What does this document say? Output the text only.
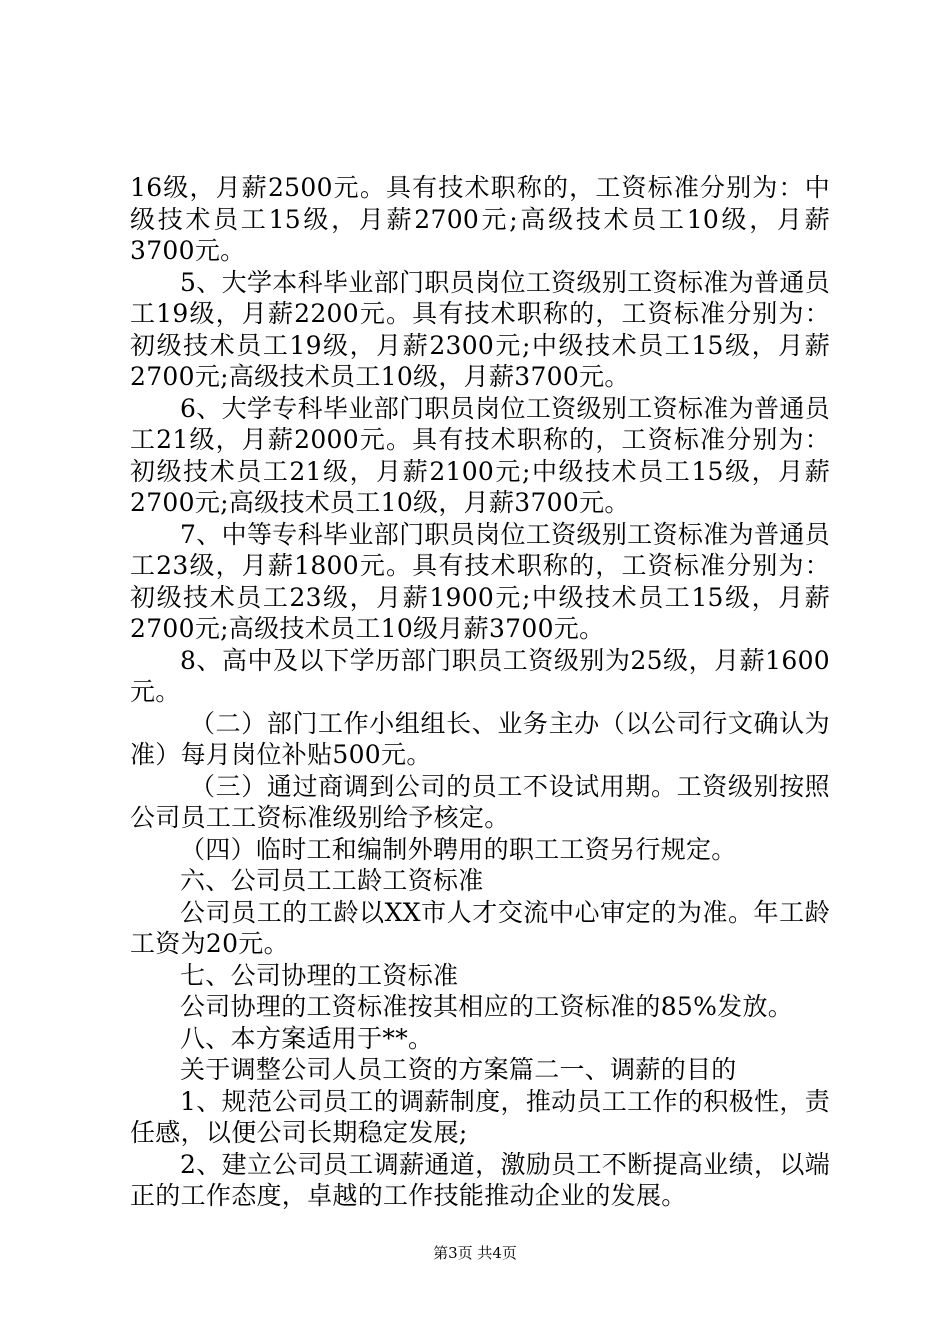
16级，月薪2500元。具有技术职称的，工资标准分别为：中级技术员工15级，月薪2700元;高级技术员工10级，月薪3700元。

5、大学本科毕业部门职员岗位工资级别工资标准为普通员工19级，月薪2200元。具有技术职称的，工资标准分别为：初级技术员工19级，月薪2300元;中级技术员工15级，月薪2700元;高级技术员工10级，月薪3700元。

6、大学专科毕业部门职员岗位工资级别工资标准为普通员工21级，月薪2000元。具有技术职称的，工资标准分别为：初级技术员工21级，月薪2100元;中级技术员工15级，月薪2700元;高级技术员工10级，月薪3700元。

7、中等专科毕业部门职员岗位工资级别工资标准为普通员工23级，月薪1800元。具有技术职称的，工资标准分别为：初级技术员工23级，月薪1900元;中级技术员工15级，月薪2700元;高级技术员工10级月薪3700元。

8、高中及以下学历部门职员工资级别为25级，月薪1600元。

（二）部门工作小组组长、业务主办（以公司行文确认为准）每月岗位补贴500元。

（三）通过商调到公司的员工不设试用期。工资级别按照公司员工工资标准级别给予核定。

（四）临时工和编制外聘用的职工工资另行规定。

六、公司员工工龄工资标准

公司员工的工龄以XX市人才交流中心审定的为准。年工龄工资为20元。

七、公司协理的工资标准

公司协理的工资标准按其相应的工资标准的85%发放。

八、本方案适用于**。

关于调整公司人员工资的方案篇二一、调薪的目的

1、规范公司员工的调薪制度，推动员工工作的积极性，责任感，以便公司长期稳定发展;

2、建立公司员工调薪通道，激励员工不断提高业绩，以端正的工作态度，卓越的工作技能推动企业的发展。

第3页 共4页
